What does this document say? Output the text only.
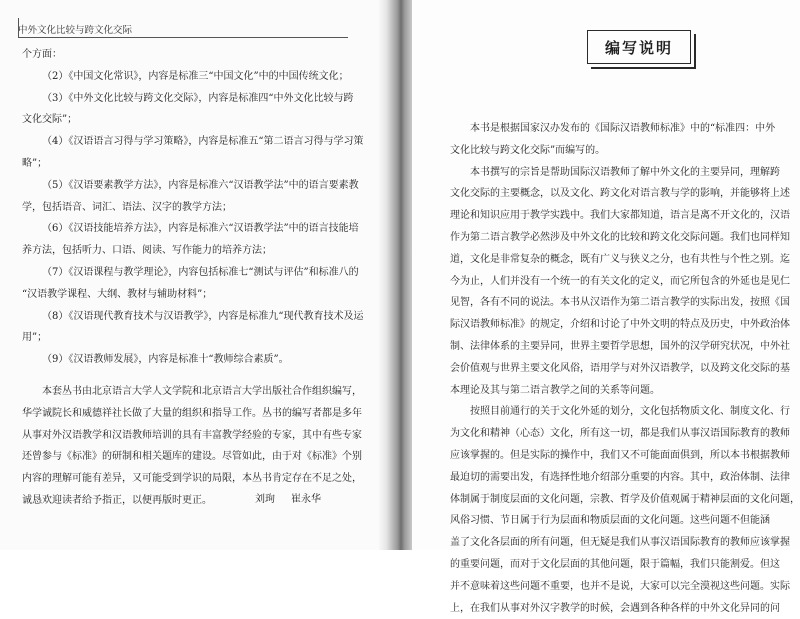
中外文化比较与跨文化交际
个方面：
（2）《中国文化常识》，内容是标准三“中国文化”中的中国传统文化；
（3）《中外文化比较与跨文化交际》，内容是标准四“中外文化比较与跨
文化交际”；
（4）《汉语语言习得与学习策略》，内容是标准五“第二语言习得与学习策
略”；
（5）《汉语要素教学方法》，内容是标准六“汉语教学法”中的语言要素教
学，包括语音、词汇、语法、汉字的教学方法；
（6）《汉语技能培养方法》，内容是标准六“汉语教学法”中的语言技能培
养方法，包括听力、口语、阅读、写作能力的培养方法；
（7）《汉语课程与教学理论》，内容包括标准七“测试与评估”和标准八的
“汉语教学课程、大纲、教材与辅助材料”；
（8）《汉语现代教育技术与汉语教学》，内容是标准九“现代教育技术及运
用”；
（9）《汉语教师发展》，内容是标准十“教师综合素质”。
本套丛书由北京语言大学人文学院和北京语言大学出版社合作组织编写，
华学诚院长和威德祥社长做了大量的组织和指导工作。丛书的编写者都是多年
从事对外汉语教学和汉语教师培训的具有丰富教学经验的专家，其中有些专家
还曾参与《标准》的研制和相关题库的建设。尽管如此，由于对《标准》个别
内容的理解可能有差异，又可能受到学识的局限，本丛书肯定存在不足之处，
诚恳欢迎读者给予指正，以便再版时更正。	刘珣 崔永华
编写说明
本书是根据国家汉办发布的《国际汉语教师标准》中的“标准四：中外
文化比较与跨文化交际”而编写的。
本书撰写的宗旨是帮助国际汉语教师了解中外文化的主要异同，理解跨
文化交际的主要概念，以及文化、跨文化对语言教与学的影响，并能够将上述
理论和知识应用于教学实践中。我们大家都知道，语言是离不开文化的，汉语
作为第二语言教学必然涉及中外文化的比较和跨文化交际问题。我们也同样知
道，文化是非常复杂的概念，既有广义与狭义之分，也有共性与个性之别。迄
今为止，人们并没有一个统一的有关文化的定义，而它所包含的外延也是见仁
见智，各有不同的说法。本书从汉语作为第二语言教学的实际出发，按照《国
际汉语教师标准》的规定，介绍和讨论了中外文明的特点及历史，中外政治体
制、法律体系的主要异同，世界主要哲学思想，国外的汉学研究状况，中外社
会价值观与世界主要文化风俗，语用学与对外汉语教学，以及跨文化交际的基
本理论及其与第二语言教学之间的关系等问题。
按照目前通行的关于文化外延的划分，文化包括物质文化、制度文化、行
为文化和精神（心态）文化，所有这一切，都是我们从事汉语国际教育的教师
应该掌握的。但是实际的操作中，我们又不可能面面俱到，所以本书根据教师
最迫切的需要出发，有选择性地介绍部分重要的内容。其中，政治体制、法律
体制属于制度层面的文化问题，宗教、哲学及价值观属于精神层面的文化问题，
风俗习惯、节日属于行为层面和物质层面的文化问题。这些问题不但能涵
盖了文化各层面的所有问题，但无疑是我们从事汉语国际教育的教师应该掌握
的重要问题，而对于文化层面的其他问题，限于篇幅，我们只能割爱。但这
并不意味着这些问题不重要，也并不是说，大家可以完全漠视这些问题。实际
上，在我们从事对外汉字教学的时候，会遇到各种各样的中外文化异同的问
